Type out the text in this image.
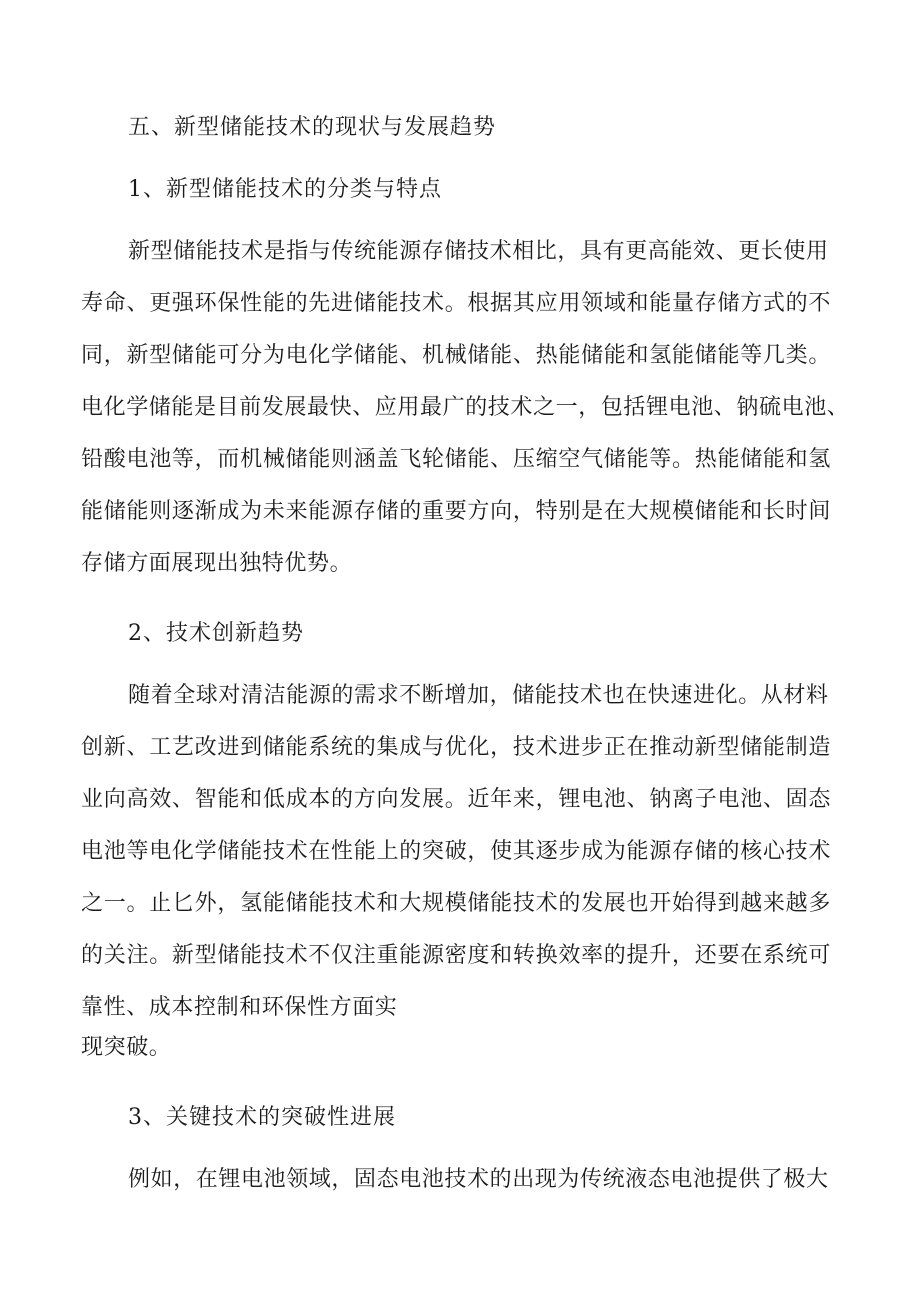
五、新型储能技术的现状与发展趋势
1、新型储能技术的分类与特点
新型储能技术是指与传统能源存储技术相比，具有更高能效、更长使用
寿命、更强环保性能的先进储能技术。根据其应用领域和能量存储方式的不
同，新型储能可分为电化学储能、机械储能、热能储能和氢能储能等几类。
电化学储能是目前发展最快、应用最广的技术之一，包括锂电池、钠硫电池、
铅酸电池等，而机械储能则涵盖飞轮储能、压缩空气储能等。热能储能和氢
能储能则逐渐成为未来能源存储的重要方向，特别是在大规模储能和长时间
存储方面展现出独特优势。
2、技术创新趋势
随着全球对清洁能源的需求不断增加，储能技术也在快速进化。从材料
创新、工艺改进到储能系统的集成与优化，技术进步正在推动新型储能制造
业向高效、智能和低成本的方向发展。近年来，锂电池、钠离子电池、固态
电池等电化学储能技术在性能上的突破，使其逐步成为能源存储的核心技术
之一。止匕外，氢能储能技术和大规模储能技术的发展也开始得到越来越多
的关注。新型储能技术不仅注重能源密度和转换效率的提升，还要在系统可
靠性、成本控制和环保性方面实
现突破。
3、关键技术的突破性进展
例如，在锂电池领域，固态电池技术的出现为传统液态电池提供了极大
